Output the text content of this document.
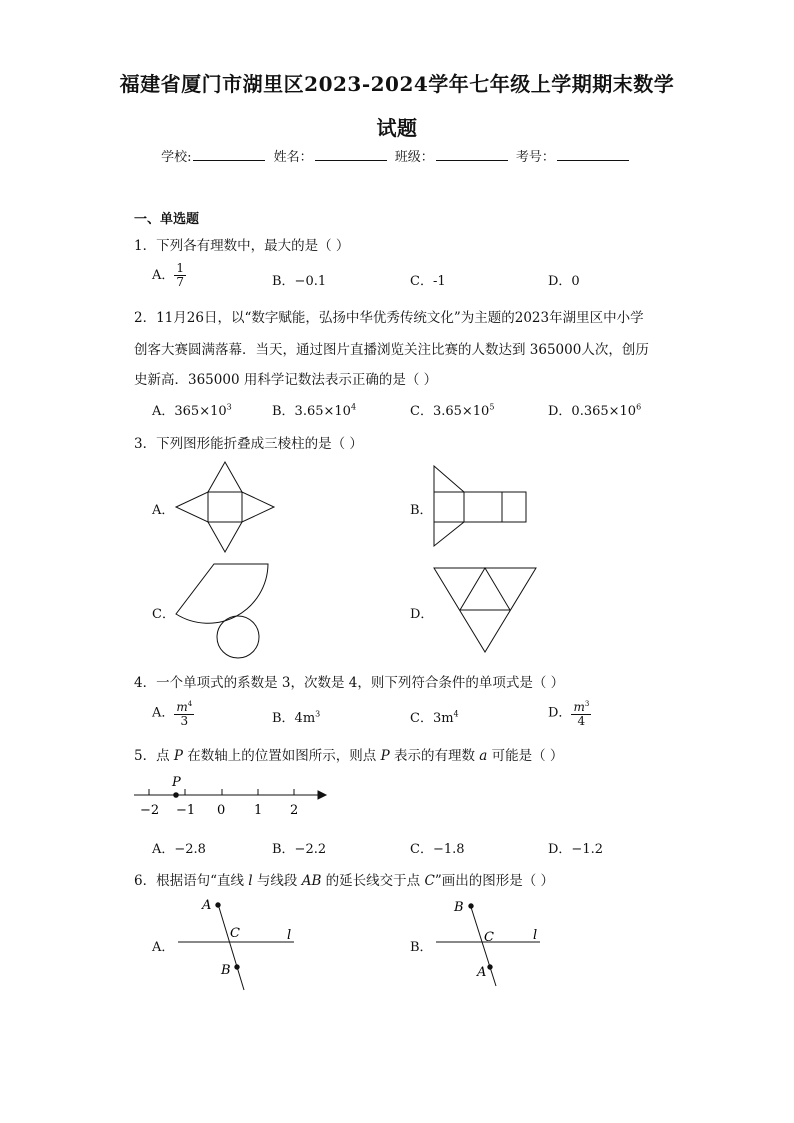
福建省厦门市湖里区2023-2024学年七年级上学期期末数学
试题
学校:	姓名：	班级：	考号：
一、单选题
1．下列各有理数中，最大的是（ ）
A． $\frac{1}{7}$	B．−0.1	C．-1	D．0
2．11月26日，以“数字赋能，弘扬中华优秀传统文化”为主题的2023年湖里区中小学
创客大赛圆满落幕．当天，通过图片直播浏览关注比赛的人数达到 365000人次，创历
史新高．365000 用科学记数法表示正确的是（ ）
A．$365\times 10^3$	B．$3.65\times 10^4$	C．$3.65\times 10^5$	D．$0.365\times 10^6$
3．下列图形能折叠成三棱柱的是（ ）
A．	B．
C．	D．
P
−2 −1 0 1 2
A
C	l
B
B
C	l
A
4．一个单项式的系数是 3，次数是 4，则下列符合条件的单项式是（ ）
A． $\frac{m^4}{3}$	B．$4m^3$	C．$3m^4$	D． $\frac{m^3}{4}$
5．点 P 在数轴上的位置如图所示，则点 P 表示的有理数 a 可能是（ ）
A．−2.8	B．−2.2	C．−1.8	D．−1.2
6．根据语句“直线 l 与线段 AB 的延长线交于点 C”画出的图形是（ ）
A．	B．
